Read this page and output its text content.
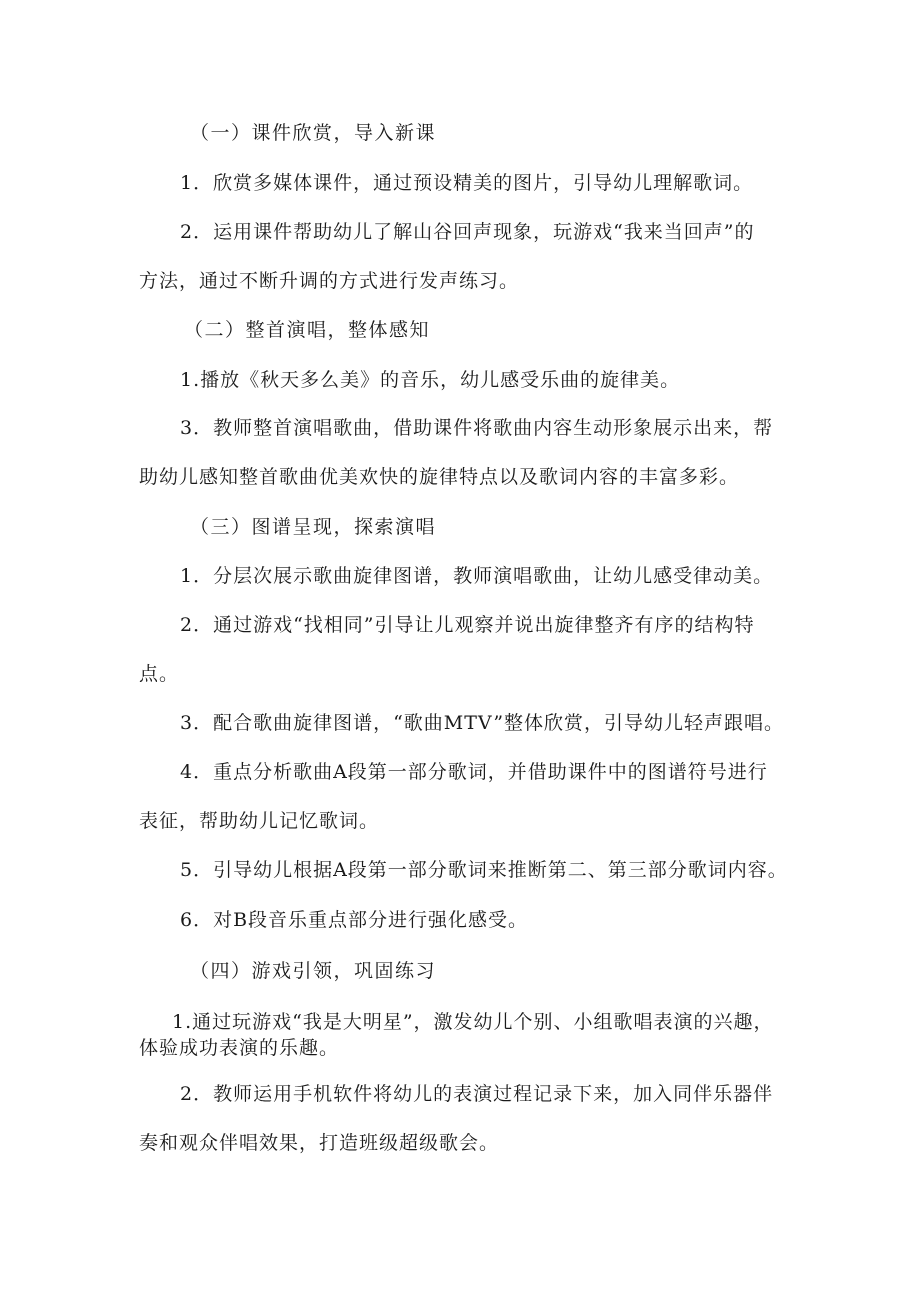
（一）课件欣赏，导入新课
1．欣赏多媒体课件，通过预设精美的图片，引导幼儿理解歌词。
2．运用课件帮助幼儿了解山谷回声现象，玩游戏“我来当回声”的
方法，通过不断升调的方式进行发声练习。
（二）整首演唱，整体感知
1.播放《秋天多么美》的音乐，幼儿感受乐曲的旋律美。
3．教师整首演唱歌曲，借助课件将歌曲内容生动形象展示出来，帮
助幼儿感知整首歌曲优美欢快的旋律特点以及歌词内容的丰富多彩。
（三）图谱呈现，探索演唱
1．分层次展示歌曲旋律图谱，教师演唱歌曲，让幼儿感受律动美。
2．通过游戏“找相同”引导让儿观察并说出旋律整齐有序的结构特
点。
3．配合歌曲旋律图谱，“歌曲MTV”整体欣赏，引导幼儿轻声跟唱。
4．重点分析歌曲A段第一部分歌词，并借助课件中的图谱符号进行
表征，帮助幼儿记忆歌词。
5．引导幼儿根据A段第一部分歌词来推断第二、第三部分歌词内容。
6．对B段音乐重点部分进行强化感受。
（四）游戏引领，巩固练习
1.通过玩游戏“我是大明星”，激发幼儿个别、小组歌唱表演的兴趣，
体验成功表演的乐趣。
2．教师运用手机软件将幼儿的表演过程记录下来，加入同伴乐器伴
奏和观众伴唱效果，打造班级超级歌会。
